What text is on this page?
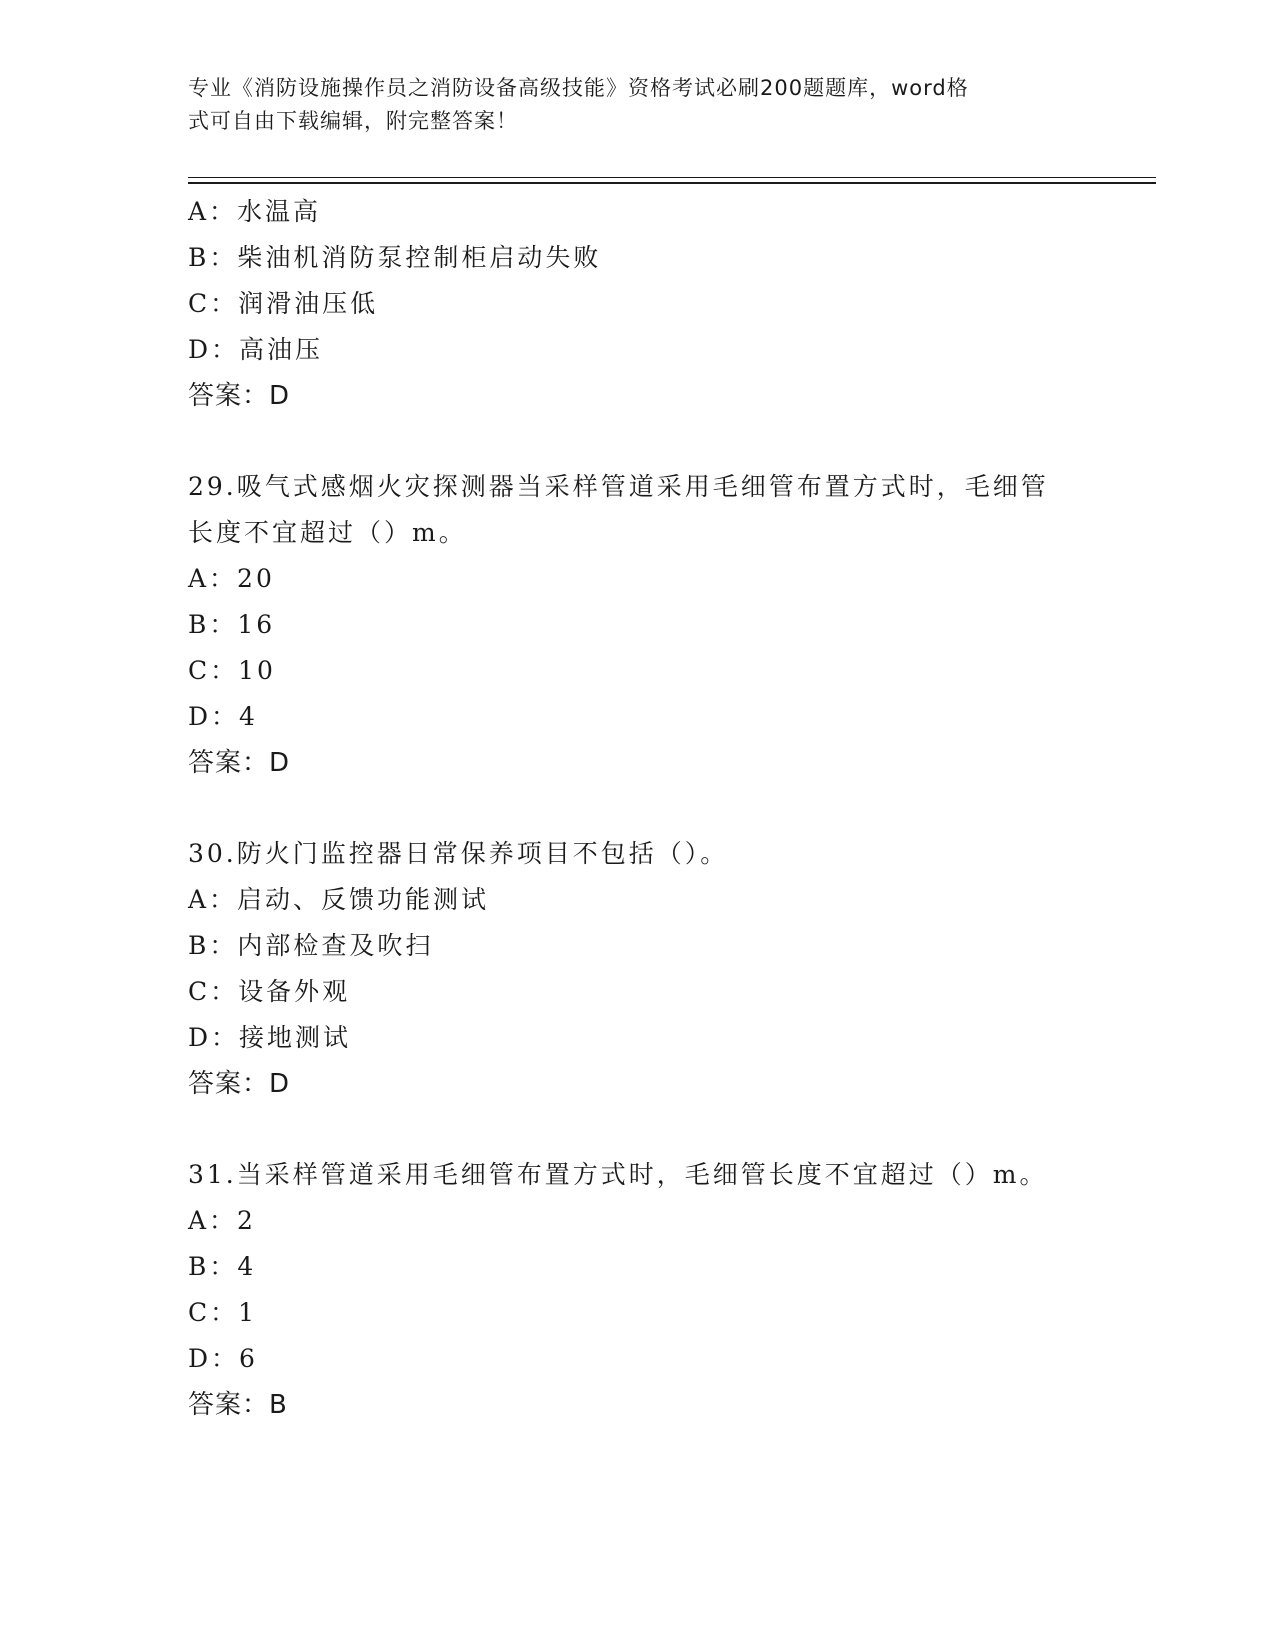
专业《消防设施操作员之消防设备高级技能》资格考试必刷200题题库，word格
式可自由下载编辑，附完整答案！
A：水温高
B：柴油机消防泵控制柜启动失败
C：润滑油压低
D：高油压
答案：D
29.吸气式感烟火灾探测器当采样管道采用毛细管布置方式时，毛细管
长度不宜超过（）m。
A：20
B：16
C：10
D：4
答案：D
30.防火门监控器日常保养项目不包括（）。
A：启动、反馈功能测试
B：内部检查及吹扫
C：设备外观
D：接地测试
答案：D
31.当采样管道采用毛细管布置方式时，毛细管长度不宜超过（）m。
A：2
B：4
C：1
D：6
答案：B
